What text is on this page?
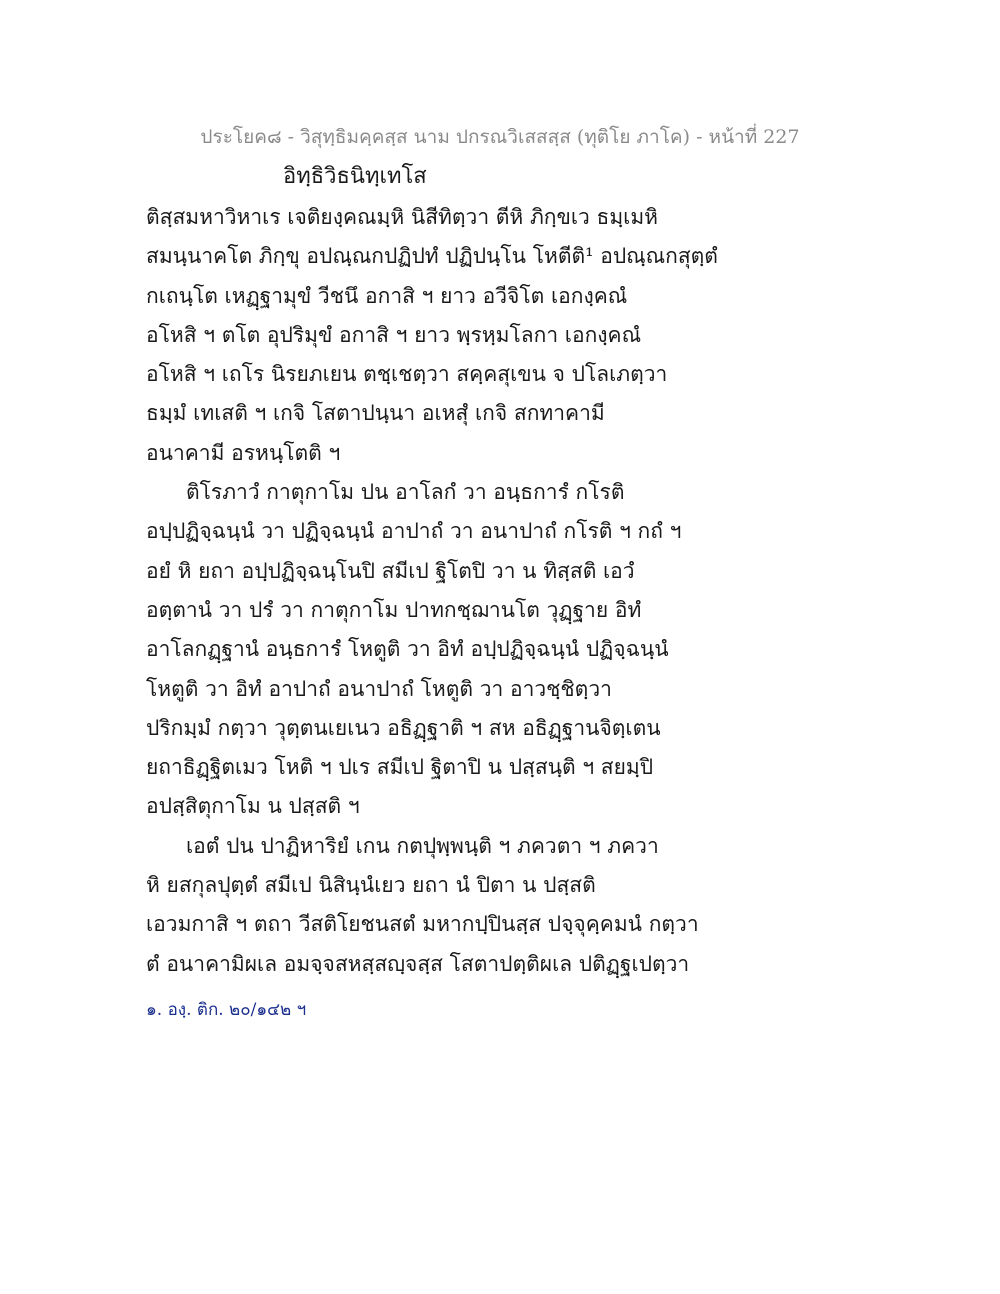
ประโยค๘ - วิสุทฺธิมคฺคสฺส นาม ปกรณวิเสสสฺส (ทุติโย ภาโค) - หน้าที่ 227
อิทฺธิวิธนิทฺเทโส
ติสฺสมหาวิหาเร เจติยงฺคณมฺหิ นิสีทิตฺวา ตีหิ ภิกฺขเว ธมฺเมหิ
สมนฺนาคโต ภิกฺขุ อปณฺณกปฏิปทํ ปฏิปนฺโน โหตีติ¹ อปณฺณกสุตฺตํ
กเถนฺโต เหฏฺฐามุขํ วีชนึ อกาสิ ฯ ยาว อวีจิโต เอกงฺคณํ
อโหสิ ฯ ตโต อุปริมุขํ อกาสิ ฯ ยาว พฺรหฺมโลกา เอกงฺคณํ
อโหสิ ฯ เถโร นิรยภเยน ตชฺเชตฺวา สคฺคสุเขน จ ปโลเภตฺวา
ธมฺมํ เทเสติ ฯ เกจิ โสตาปนฺนา อเหสุํ เกจิ สกทาคามี
อนาคามี อรหนฺโตติ ฯ
ติโรภาวํ กาตุกาโม ปน อาโลกํ วา อนฺธการํ กโรติ
อปฺปฏิจฺฉนฺนํ วา ปฏิจฺฉนฺนํ อาปาถํ วา อนาปาถํ กโรติ ฯ กถํ ฯ
อยํ หิ ยถา อปฺปฏิจฺฉนฺโนปิ สมีเป ฐิโตปิ วา น ทิสฺสติ เอวํ
อตฺตานํ วา ปรํ วา กาตุกาโม ปาทกชฺฌานโต วุฏฺฐาย อิทํ
อาโลกฏฺฐานํ อนฺธการํ โหตูติ วา อิทํ อปฺปฏิจฺฉนฺนํ ปฏิจฺฉนฺนํ
โหตูติ วา อิทํ อาปาถํ อนาปาถํ โหตูติ วา อาวชฺชิตฺวา
ปริกมฺมํ กตฺวา วุตฺตนเยเนว อธิฏฺฐาติ ฯ สห อธิฏฺฐานจิตฺเตน
ยถาธิฏฺฐิตเมว โหติ ฯ ปเร สมีเป ฐิตาปิ น ปสฺสนฺติ ฯ สยมฺปิ
อปสฺสิตุกาโม น ปสฺสติ ฯ
เอตํ ปน ปาฏิหาริยํ เกน กตปุพฺพนฺติ ฯ ภควตา ฯ ภควา
หิ ยสกุลปุตฺตํ สมีเป นิสินฺนํเยว ยถา นํ ปิตา น ปสฺสติ
เอวมกาสิ ฯ ตถา วีสติโยชนสตํ มหากปฺปินสฺส ปจฺจุคฺคมนํ กตฺวา
ตํ อนาคามิผเล อมจฺจสหสฺสญฺจสฺส โสตาปตฺติผเล ปติฏฺฐเปตฺวา
๑. องฺ. ติก. ๒๐/๑๔๒ ฯ
